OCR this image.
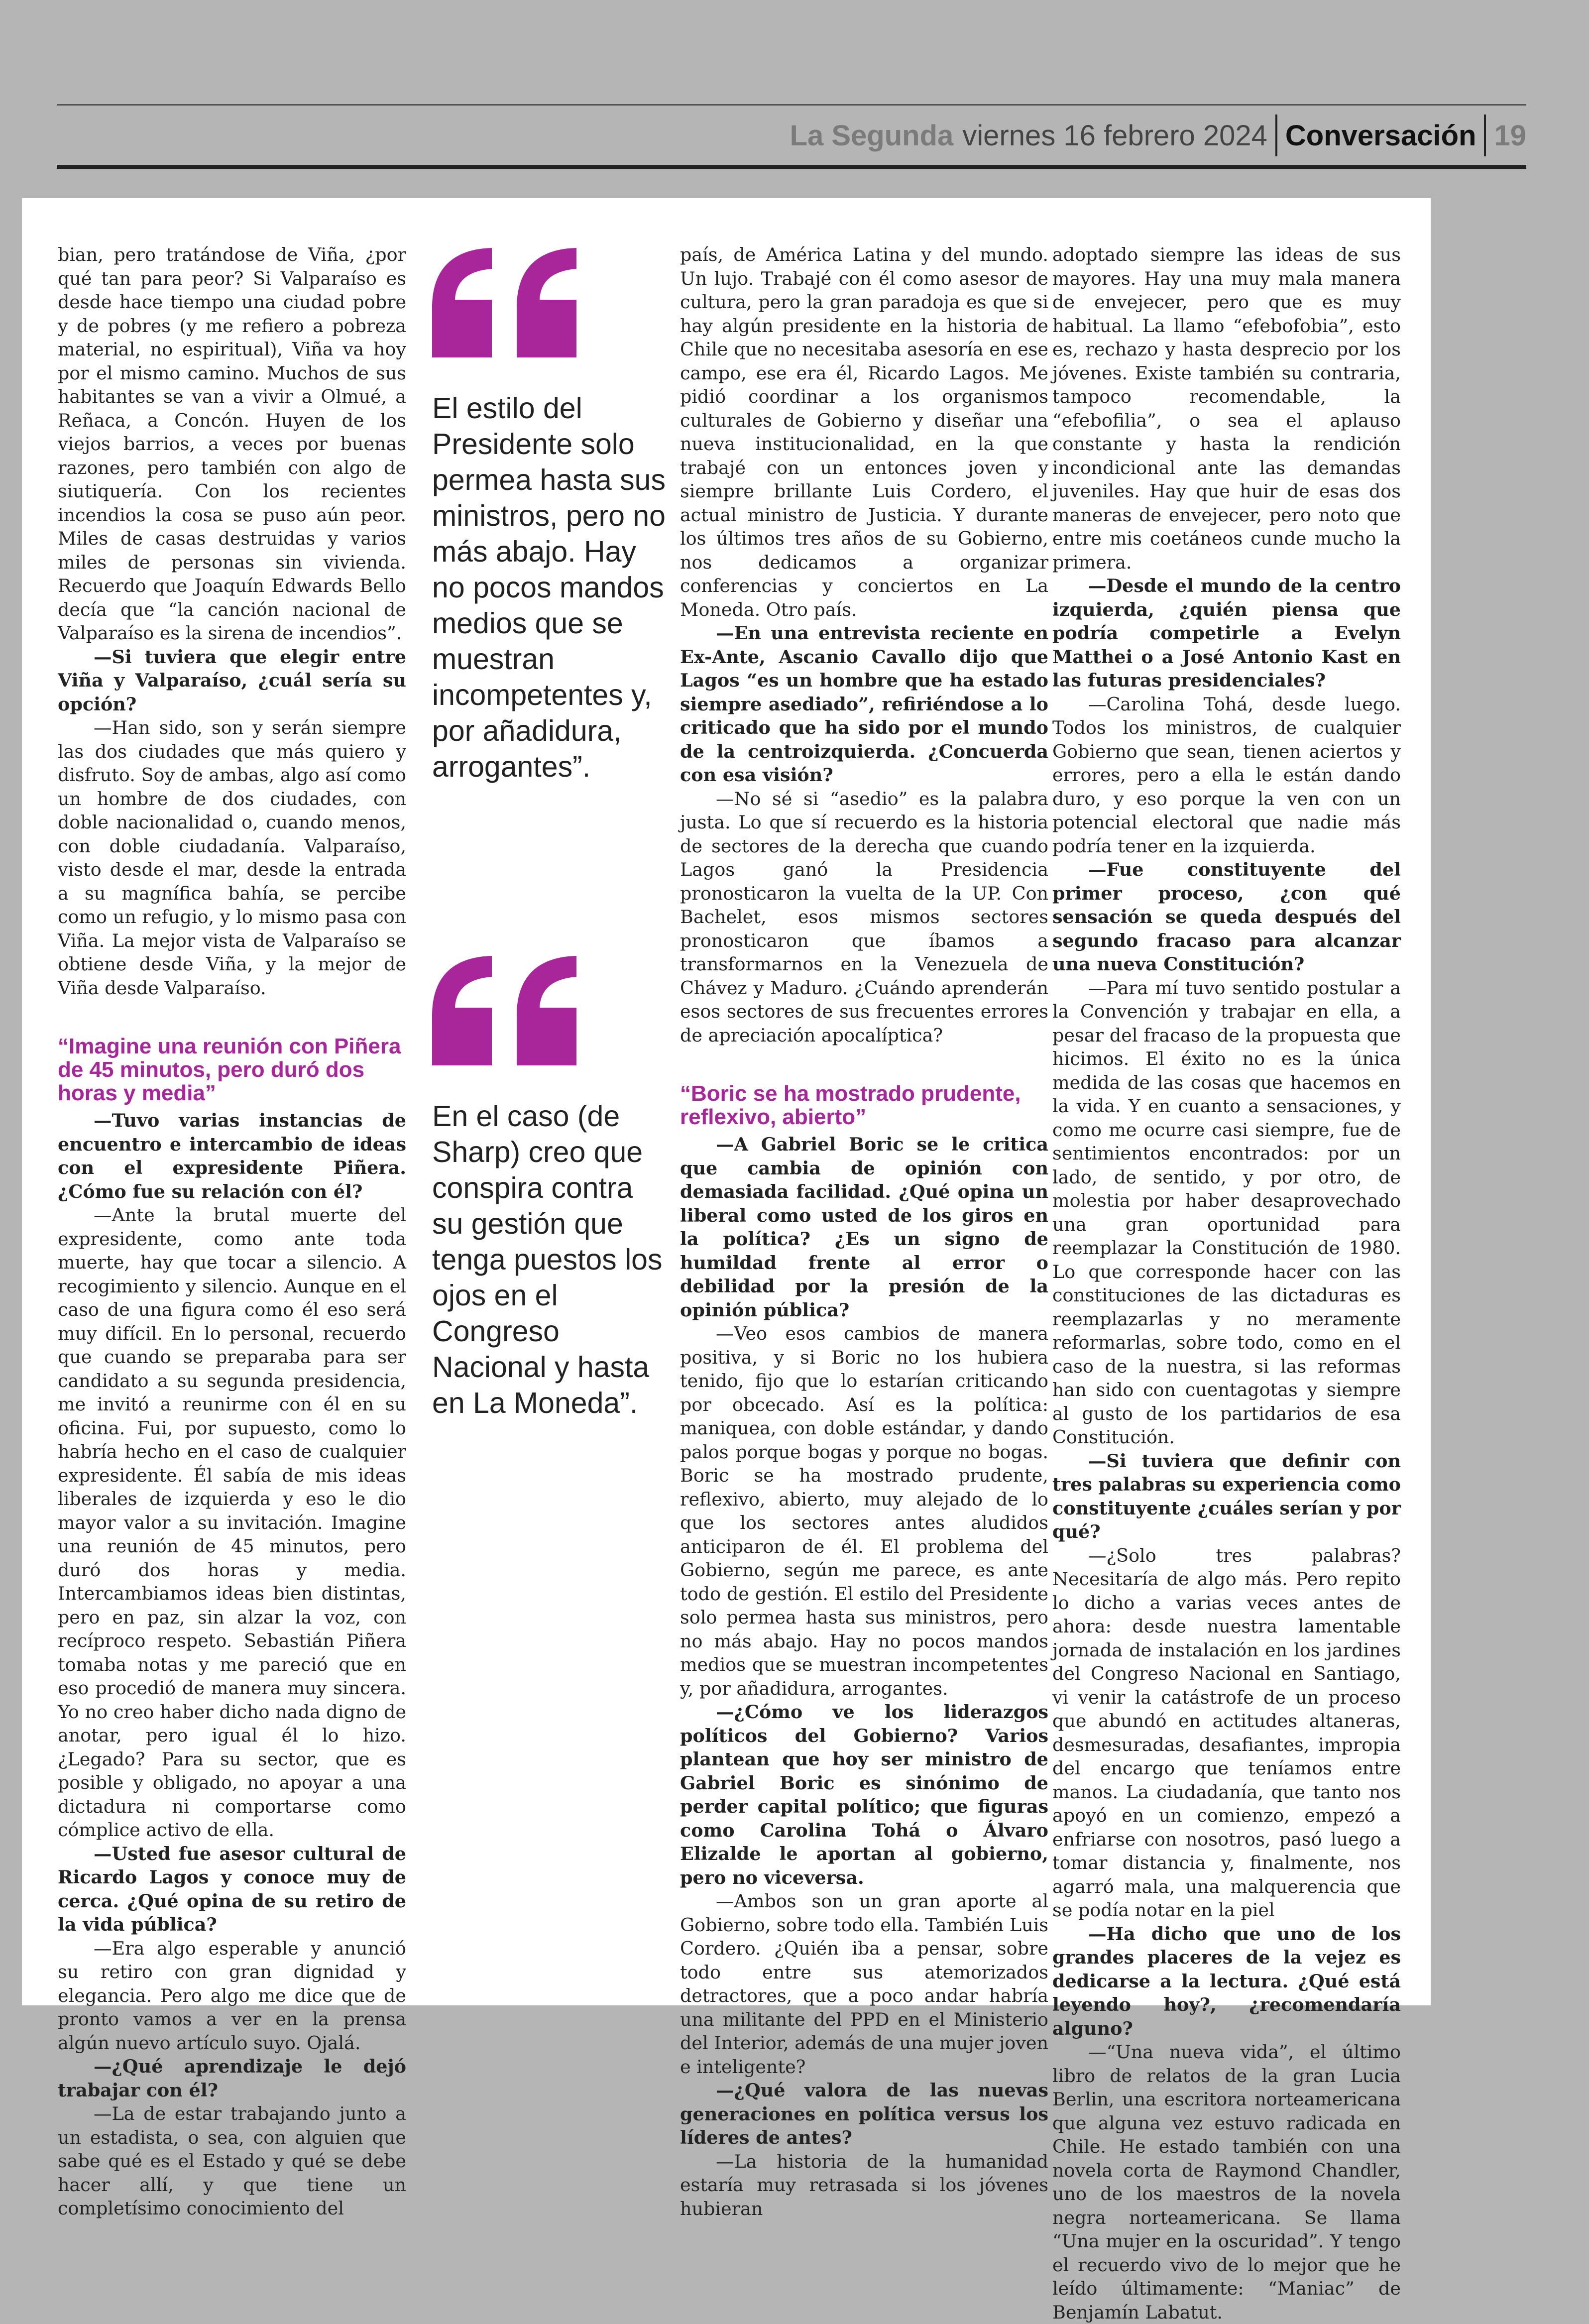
La Segunda viernes 16 febrero 2024 Conversación 19

bian, pero tratándose de Viña, ¿por qué tan para peor? Si Valparaíso es desde hace tiempo una ciudad pobre y de pobres (y me refiero a pobreza material, no espiritual), Viña va hoy por el mismo camino. Muchos de sus habitantes se van a vivir a Olmué, a Reñaca, a Concón. Huyen de los viejos barrios, a veces por buenas razones, pero también con algo de siutiquería. Con los recientes incendios la cosa se puso aún peor. Miles de casas destruidas y varios miles de personas sin vivienda. Recuerdo que Joaquín Edwards Bello decía que “la canción nacional de Valparaíso es la sirena de incendios”.

—Si tuviera que elegir entre Viña y Valparaíso, ¿cuál sería su opción?

—Han sido, son y serán siempre las dos ciudades que más quiero y disfruto. Soy de ambas, algo así como un hombre de dos ciudades, con doble nacionalidad o, cuando menos, con doble ciudadanía. Valparaíso, visto desde el mar, desde la entrada a su magnífica bahía, se percibe como un refugio, y lo mismo pasa con Viña. La mejor vista de Valparaíso se obtiene desde Viña, y la mejor de Viña desde Valparaíso.

“Imagine una reunión con Piñera de 45 minutos, pero duró dos horas y media”

—Tuvo varias instancias de encuentro e intercambio de ideas con el expresidente Piñera. ¿Cómo fue su relación con él?

—Ante la brutal muerte del expresidente, como ante toda muerte, hay que tocar a silencio. A recogimiento y silencio. Aunque en el caso de una figura como él eso será muy difícil. En lo personal, recuerdo que cuando se preparaba para ser candidato a su segunda presidencia, me invitó a reunirme con él en su oficina. Fui, por supuesto, como lo habría hecho en el caso de cualquier expresidente. Él sabía de mis ideas liberales de izquierda y eso le dio mayor valor a su invitación. Imagine una reunión de 45 minutos, pero duró dos horas y media. Intercambiamos ideas bien distintas, pero en paz, sin alzar la voz, con recíproco respeto. Sebastián Piñera tomaba notas y me pareció que en eso procedió de manera muy sincera. Yo no creo haber dicho nada digno de anotar, pero igual él lo hizo. ¿Legado? Para su sector, que es posible y obligado, no apoyar a una dictadura ni comportarse como cómplice activo de ella.

—Usted fue asesor cultural de Ricardo Lagos y conoce muy de cerca. ¿Qué opina de su retiro de la vida pública?

—Era algo esperable y anunció su retiro con gran dignidad y elegancia. Pero algo me dice que de pronto vamos a ver en la prensa algún nuevo artículo suyo. Ojalá.

—¿Qué aprendizaje le dejó trabajar con él?

—La de estar trabajando junto a un estadista, o sea, con alguien que sabe qué es el Estado y qué se debe hacer allí, y que tiene un completísimo conocimiento del

El estilo del Presidente solo permea hasta sus ministros, pero no más abajo. Hay no pocos mandos medios que se muestran incompetentes y, por añadidura, arrogantes”.
En el caso (de Sharp) creo que conspira contra su gestión que tenga puestos los ojos en el Congreso Nacional y hasta en La Moneda”.

país, de América Latina y del mundo. Un lujo. Trabajé con él como asesor de cultura, pero la gran paradoja es que si hay algún presidente en la historia de Chile que no necesitaba asesoría en ese campo, ese era él, Ricardo Lagos. Me pidió coordinar a los organismos culturales de Gobierno y diseñar una nueva institucionalidad, en la que trabajé con un entonces joven y siempre brillante Luis Cordero, el actual ministro de Justicia. Y durante los últimos tres años de su Gobierno, nos dedicamos a organizar conferencias y conciertos en La Moneda. Otro país.

—En una entrevista reciente en Ex-Ante, Ascanio Cavallo dijo que Lagos “es un hombre que ha estado siempre asediado”, refiriéndose a lo criticado que ha sido por el mundo de la centroizquierda. ¿Concuerda con esa visión?

—No sé si “asedio” es la palabra justa. Lo que sí recuerdo es la historia de sectores de la derecha que cuando Lagos ganó la Presidencia pronosticaron la vuelta de la UP. Con Bachelet, esos mismos sectores pronosticaron que íbamos a transformarnos en la Venezuela de Chávez y Maduro. ¿Cuándo aprenderán esos sectores de sus frecuentes errores de apreciación apocalíptica?

“Boric se ha mostrado prudente, reflexivo, abierto”

—A Gabriel Boric se le critica que cambia de opinión con demasiada facilidad. ¿Qué opina un liberal como usted de los giros en la política? ¿Es un signo de humildad frente al error o debilidad por la presión de la opinión pública?

—Veo esos cambios de manera positiva, y si Boric no los hubiera tenido, fijo que lo estarían criticando por obcecado. Así es la política: maniquea, con doble estándar, y dando palos porque bogas y porque no bogas. Boric se ha mostrado prudente, reflexivo, abierto, muy alejado de lo que los sectores antes aludidos anticiparon de él. El problema del Gobierno, según me parece, es ante todo de gestión. El estilo del Presidente solo permea hasta sus ministros, pero no más abajo. Hay no pocos mandos medios que se muestran incompetentes y, por añadidura, arrogantes.

—¿Cómo ve los liderazgos políticos del Gobierno? Varios plantean que hoy ser ministro de Gabriel Boric es sinónimo de perder capital político; que figuras como Carolina Tohá o Álvaro Elizalde le aportan al gobierno, pero no viceversa.

—Ambos son un gran aporte al Gobierno, sobre todo ella. También Luis Cordero. ¿Quién iba a pensar, sobre todo entre sus atemorizados detractores, que a poco andar habría una militante del PPD en el Ministerio del Interior, además de una mujer joven e inteligente?

—¿Qué valora de las nuevas generaciones en política versus los líderes de antes?

—La historia de la humanidad estaría muy retrasada si los jóvenes hubieran

adoptado siempre las ideas de sus mayores. Hay una muy mala manera de envejecer, pero que es muy habitual. La llamo “efebofobia”, esto es, rechazo y hasta desprecio por los jóvenes. Existe también su contraria, tampoco recomendable, la “efebofilia”, o sea el aplauso constante y hasta la rendición incondicional ante las demandas juveniles. Hay que huir de esas dos maneras de envejecer, pero noto que entre mis coetáneos cunde mucho la primera.

—Desde el mundo de la centro izquierda, ¿quién piensa que podría competirle a Evelyn Matthei o a José Antonio Kast en las futuras presidenciales?

—Carolina Tohá, desde luego. Todos los ministros, de cualquier Gobierno que sean, tienen aciertos y errores, pero a ella le están dando duro, y eso porque la ven con un potencial electoral que nadie más podría tener en la izquierda.

—Fue constituyente del primer proceso, ¿con qué sensación se queda después del segundo fracaso para alcanzar una nueva Constitución?

—Para mí tuvo sentido postular a la Convención y trabajar en ella, a pesar del fracaso de la propuesta que hicimos. El éxito no es la única medida de las cosas que hacemos en la vida. Y en cuanto a sensaciones, y como me ocurre casi siempre, fue de sentimientos encontrados: por un lado, de sentido, y por otro, de molestia por haber desaprovechado una gran oportunidad para reemplazar la Constitución de 1980. Lo que corresponde hacer con las constituciones de las dictaduras es reemplazarlas y no meramente reformarlas, sobre todo, como en el caso de la nuestra, si las reformas han sido con cuentagotas y siempre al gusto de los partidarios de esa Constitución.

—Si tuviera que definir con tres palabras su experiencia como constituyente ¿cuáles serían y por qué?

—¿Solo tres palabras? Necesitaría de algo más. Pero repito lo dicho a varias veces antes de ahora: desde nuestra lamentable jornada de instalación en los jardines del Congreso Nacional en Santiago, vi venir la catástrofe de un proceso que abundó en actitudes altaneras, desmesuradas, desafiantes, impropia del encargo que teníamos entre manos. La ciudadanía, que tanto nos apoyó en un comienzo, empezó a enfriarse con nosotros, pasó luego a tomar distancia y, finalmente, nos agarró mala, una malquerencia que se podía notar en la piel

—Ha dicho que uno de los grandes placeres de la vejez es dedicarse a la lectura. ¿Qué está leyendo hoy?, ¿recomendaría alguno?

—“Una nueva vida”, el último libro de relatos de la gran Lucia Berlin, una escritora norteamericana que alguna vez estuvo radicada en Chile. He estado también con una novela corta de Raymond Chandler, uno de los maestros de la novela negra norteamericana. Se llama “Una mujer en la oscuridad”. Y tengo el recuerdo vivo de lo mejor que he leído últimamente: “Maniac” de Benjamín Labatut.
